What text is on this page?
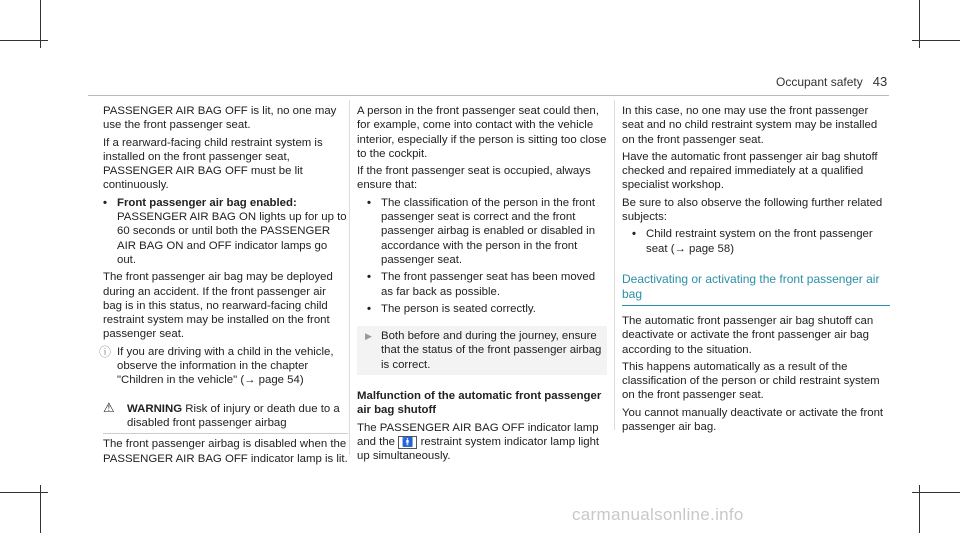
Occupant safety 43

PASSENGER AIR BAG OFF is lit, no one may use the front passenger seat.

If a rearward-facing child restraint system is installed on the front passenger seat, PASSENGER AIR BAG OFF must be lit continuously.

• Front passenger air bag enabled: PASSENGER AIR BAG ON lights up for up to 60 seconds or until both the PASSENGER AIR BAG ON and OFF indicator lamps go out.

The front passenger air bag may be deployed during an accident. If the front passenger air bag is in this status, no rearward-facing child restraint system may be installed on the front passenger seat.

ⓘ If you are driving with a child in the vehicle, observe the information in the chapter "Children in the vehicle" (→ page 54)

⚠ WARNING Risk of injury or death due to a disabled front passenger airbag

The front passenger airbag is disabled when the PASSENGER AIR BAG OFF indicator lamp is lit.

A person in the front passenger seat could then, for example, come into contact with the vehicle interior, especially if the person is sitting too close to the cockpit.

If the front passenger seat is occupied, always ensure that:

• The classification of the person in the front passenger seat is correct and the front passenger airbag is enabled or disabled in accordance with the person in the front passenger seat.

• The front passenger seat has been moved as far back as possible.

• The person is seated correctly.

▶ Both before and during the journey, ensure that the status of the front passenger airbag is correct.

Malfunction of the automatic front passenger air bag shutoff

The PASSENGER AIR BAG OFF indicator lamp and the 🚹 restraint system indicator lamp light up simultaneously.

In this case, no one may use the front passenger seat and no child restraint system may be installed on the front passenger seat.

Have the automatic front passenger air bag shutoff checked and repaired immediately at a qualified specialist workshop.

Be sure to also observe the following further related subjects:

• Child restraint system on the front passenger seat (→ page 58)

Deactivating or activating the front passenger air bag

The automatic front passenger air bag shutoff can deactivate or activate the front passenger air bag according to the situation.

This happens automatically as a result of the classification of the person or child restraint system on the front passenger seat.

You cannot manually deactivate or activate the front passenger air bag.

carmanualsonline.info
